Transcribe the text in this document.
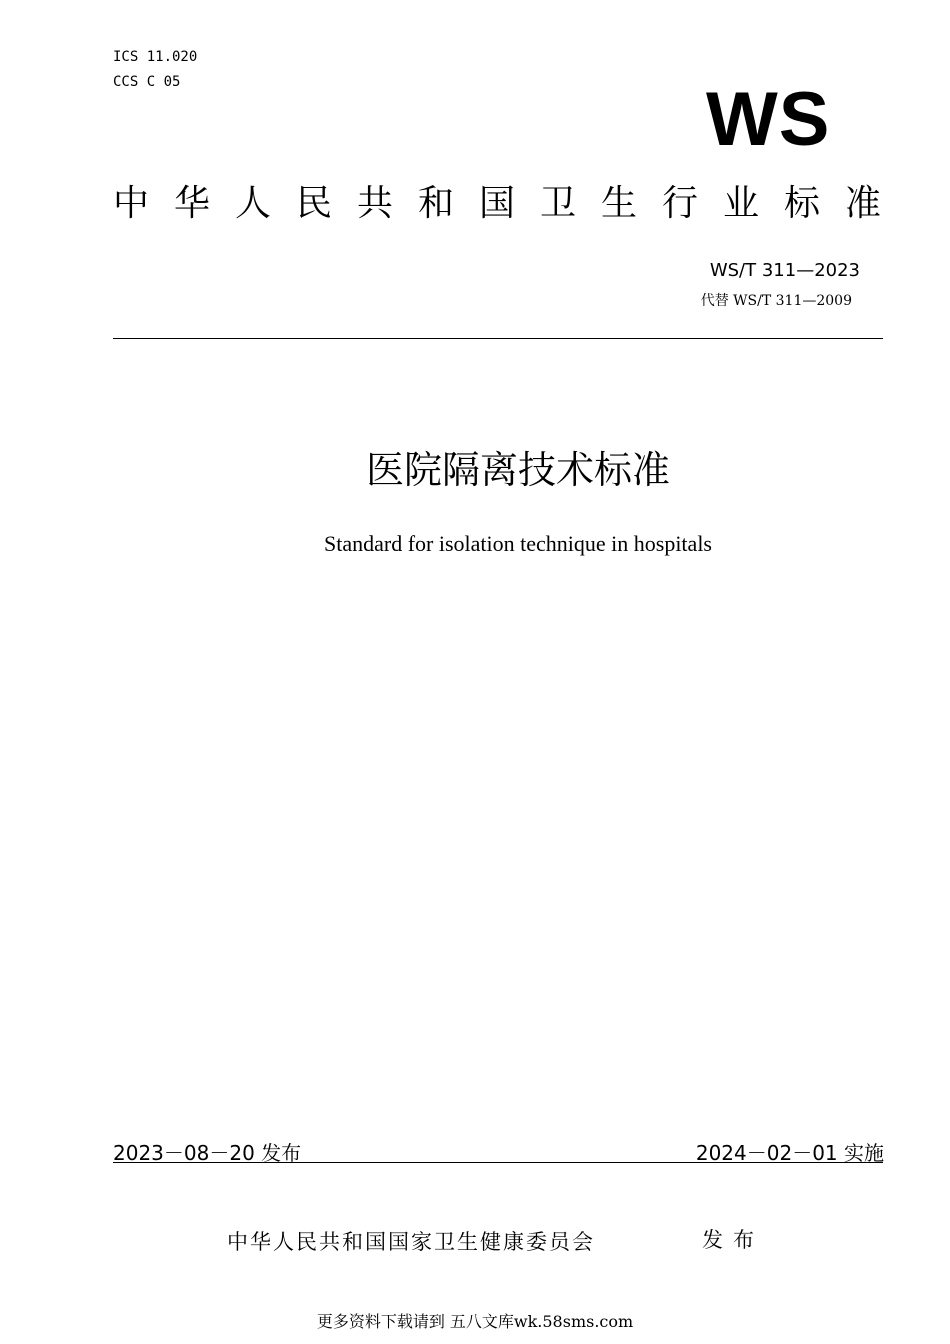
ICS 11.020
CCS C 05	WS
中华人民共和国卫生行业标准
WS/T 311—2023
代替 WS/T 311—2009
医院隔离技术标准
Standard for isolation technique in hospitals
2023－08－20 发布	2024－02－01 实施
中华人民共和国国家卫生健康委员会	发布
更多资料下载请到 五八文库wk.58sms.com
